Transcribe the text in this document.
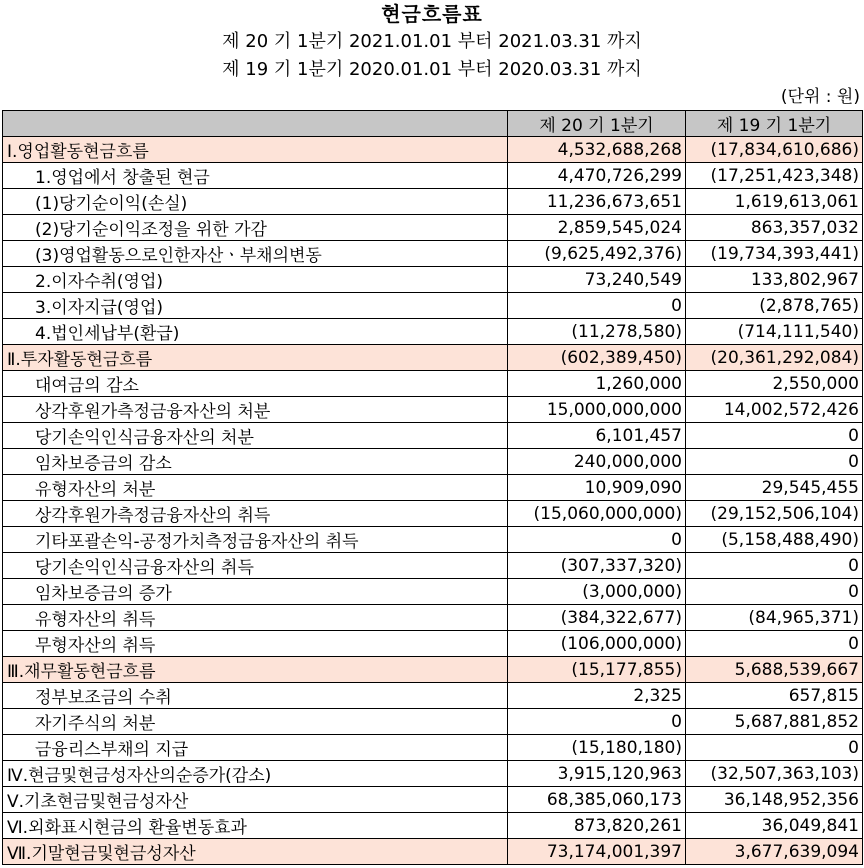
현금흐름표
제 20 기 1분기 2021.01.01 부터 2021.03.31 까지
제 19 기 1분기 2020.01.01 부터 2020.03.31 까지
(단위 : 원)
	제 20 기 1분기	제 19 기 1분기
Ⅰ.영업활동현금흐름	4,532,688,268	(17,834,610,686)
1.영업에서 창출된 현금	4,470,726,299	(17,251,423,348)
(1)당기순이익(손실)	11,236,673,651	1,619,613,061
(2)당기순이익조정을 위한 가감	2,859,545,024	863,357,032
(3)영업활동으로인한자산ㆍ부채의변동	(9,625,492,376)	(19,734,393,441)
2.이자수취(영업)	73,240,549	133,802,967
3.이자지급(영업)	0	(2,878,765)
4.법인세납부(환급)	(11,278,580)	(714,111,540)
Ⅱ.투자활동현금흐름	(602,389,450)	(20,361,292,084)
대여금의 감소	1,260,000	2,550,000
상각후원가측정금융자산의 처분	15,000,000,000	14,002,572,426
당기손익인식금융자산의 처분	6,101,457	0
임차보증금의 감소	240,000,000	0
유형자산의 처분	10,909,090	29,545,455
상각후원가측정금융자산의 취득	(15,060,000,000)	(29,152,506,104)
기타포괄손익-공정가치측정금융자산의 취득	0	(5,158,488,490)
당기손익인식금융자산의 취득	(307,337,320)	0
임차보증금의 증가	(3,000,000)	0
유형자산의 취득	(384,322,677)	(84,965,371)
무형자산의 취득	(106,000,000)	0
Ⅲ.재무활동현금흐름	(15,177,855)	5,688,539,667
정부보조금의 수취	2,325	657,815
자기주식의 처분	0	5,687,881,852
금융리스부채의 지급	(15,180,180)	0
Ⅳ.현금및현금성자산의순증가(감소)	3,915,120,963	(32,507,363,103)
Ⅴ.기초현금및현금성자산	68,385,060,173	36,148,952,356
Ⅵ.외화표시현금의 환율변동효과	873,820,261	36,049,841
Ⅶ.기말현금및현금성자산	73,174,001,397	3,677,639,094
